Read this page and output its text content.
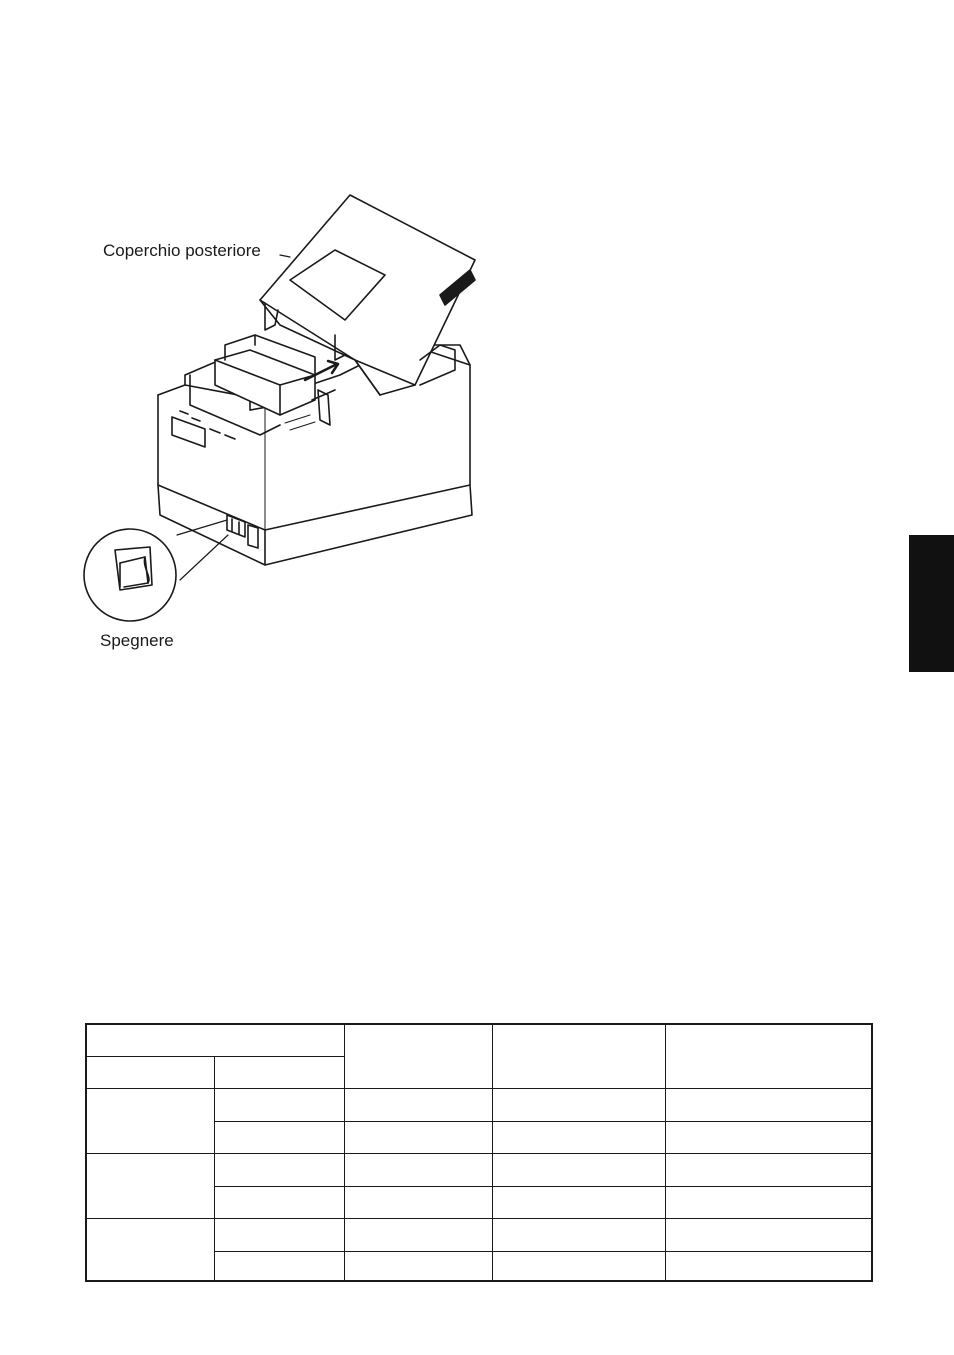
Coperchio posteriore
Spegnere
